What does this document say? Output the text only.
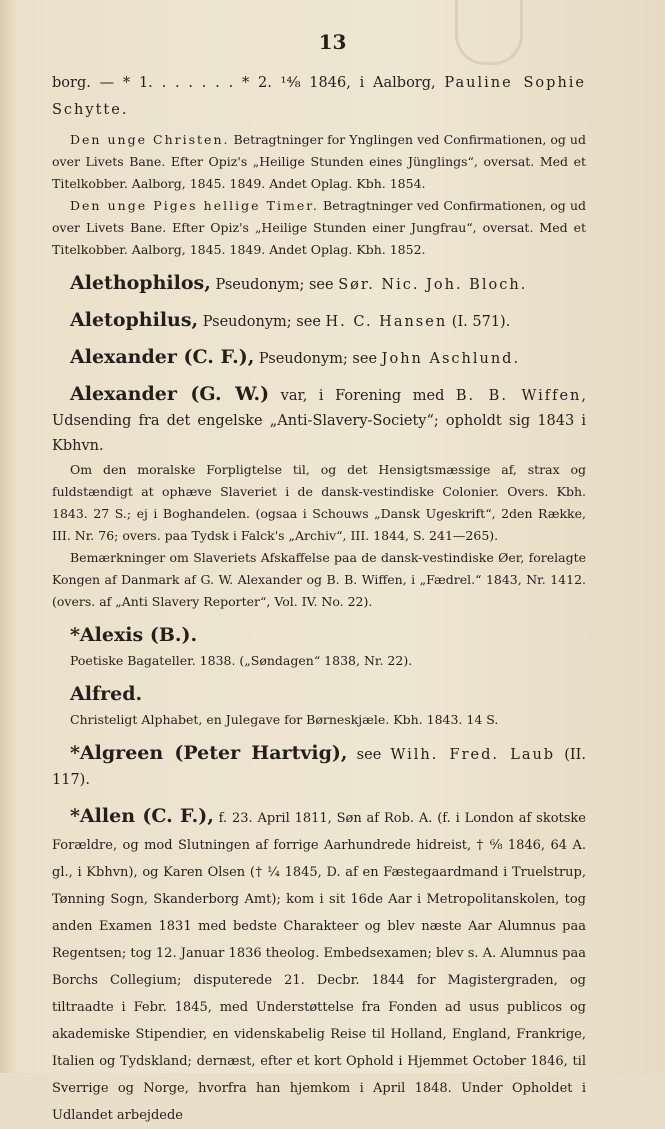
13

borg. — * 1. . . . . . . * 2. ¹⁴⁄₈ 1846, i Aalborg, Pauline Sophie Schytte.

Den unge Christen. Betragtninger for Ynglingen ved Confirmationen, og ud over Livets Bane. Efter Opiz's „Heilige Stunden eines Jünglings“, oversat. Med et Titelkobber. Aalborg, 1845. 1849. Andet Oplag. Kbh. 1854.

Den unge Piges hellige Timer. Betragtninger ved Confirmationen, og ud over Livets Bane. Efter Opiz's „Heilige Stunden einer Jungfrau“, oversat. Med et Titelkobber. Aalborg, 1845. 1849. Andet Oplag. Kbh. 1852.

Alethophilos, Pseudonym; see Sør. Nic. Joh. Bloch.

Aletophilus, Pseudonym; see H. C. Hansen (I. 571).

Alexander (C. F.), Pseudonym; see John Aschlund.

Alexander (G. W.) var, i Forening med B. B. Wiffen, Udsending fra det engelske „Anti-Slavery-Society“; opholdt sig 1843 i Kbhvn.

Om den moralske Forpligtelse til, og det Hensigtsmæssige af, strax og fuldstændigt at ophæve Slaveriet i de dansk-vestindiske Colonier. Overs. Kbh. 1843. 27 S.; ej i Boghandelen. (ogsaa i Schouws „Dansk Ugeskrift“, 2den Række, III. Nr. 76; overs. paa Tydsk i Falck's „Archiv“, III. 1844, S. 241—265).

Bemærkninger om Slaveriets Afskaffelse paa de dansk-vestindiske Øer, forelagte Kongen af Danmark af G. W. Alexander og B. B. Wiffen, i „Fædrel.“ 1843, Nr. 1412. (overs. af „Anti Slavery Reporter“, Vol. IV. No. 22).

*Alexis (B.).

Poetiske Bagateller. 1838. („Søndagen“ 1838, Nr. 22).

Alfred.

Christeligt Alphabet, en Julegave for Børneskjæle. Kbh. 1843. 14 S.

*Algreen (Peter Hartvig), see Wilh. Fred. Laub (II. 117).

*Allen (C. F.), f. 23. April 1811, Søn af Rob. A. (f. i London af skotske Forældre, og mod Slutningen af forrige Aarhundrede hidreist, † ⁶⁄₈ 1846, 64 A. gl., i Kbhvn), og Karen Olsen († ¼ 1845, D. af en Fæstegaardmand i Truelstrup, Tønning Sogn, Skanderborg Amt); kom i sit 16de Aar i Metropolitanskolen, tog anden Examen 1831 med bedste Charakteer og blev næste Aar Alumnus paa Regentsen; tog 12. Januar 1836 theolog. Embedsexamen; blev s. A. Alumnus paa Borchs Collegium; disputerede 21. Decbr. 1844 for Magistergraden, og tiltraadte i Febr. 1845, med Understøttelse fra Fonden ad usus publicos og akademiske Stipendier, en videnskabelig Reise til Holland, England, Frankrige, Italien og Tydskland; dernæst, efter et kort Ophold i Hjemmet October 1846, til Sverrige og Norge, hvorfra han hjemkom i April 1848. Under Opholdet i Udlandet arbejdede
